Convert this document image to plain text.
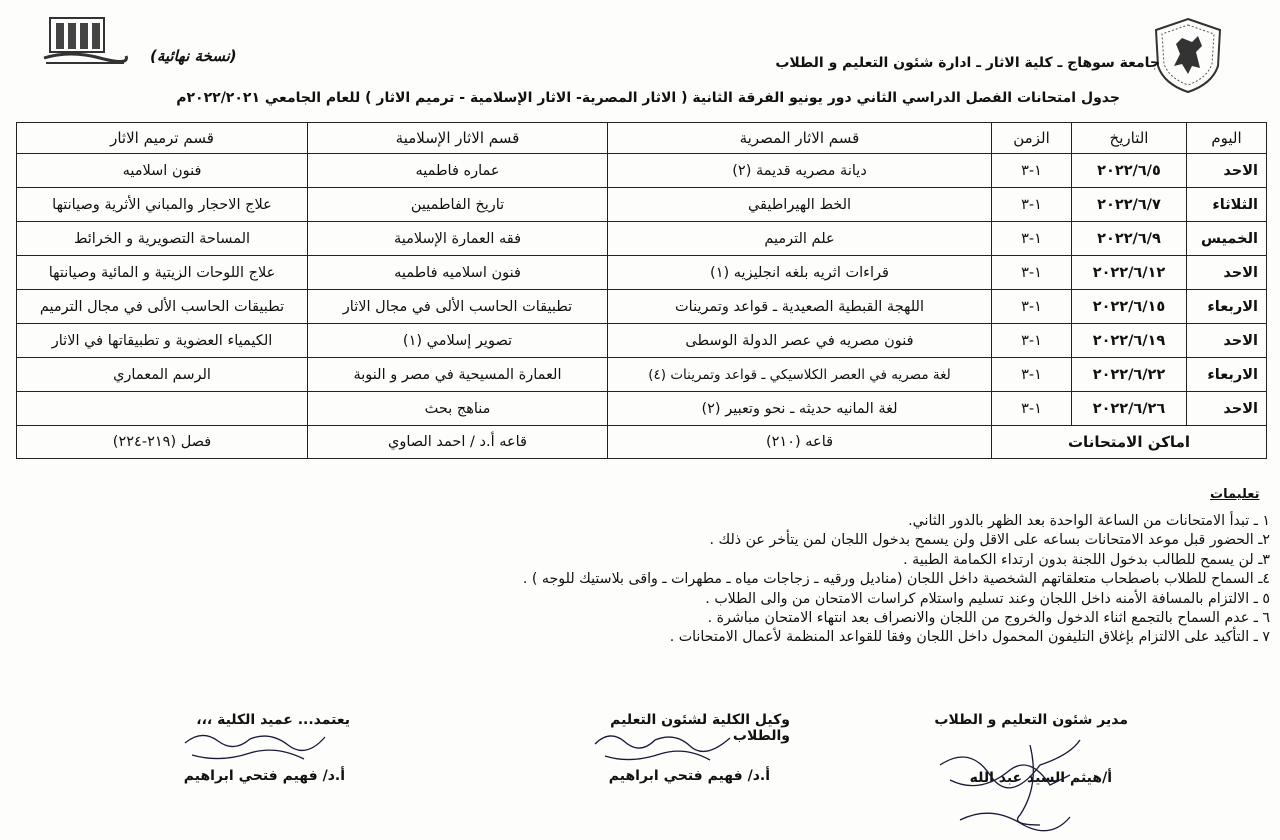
(نسخة نهائية)	جامعة سوهاج ـ كلية الاثار ـ ادارة شئون التعليم و الطلاب
جدول امتحانات الفصل الدراسي الثاني دور يونيو الفرقة الثانية ( الاثار المصرية- الاثار الإسلامية - ترميم الاثار ) للعام الجامعي ٢٠٢٢/٢٠٢١م
اليوم	التاريخ	الزمن	قسم الاثار المصرية	قسم الاثار الإسلامية	قسم ترميم الاثار
الاحد	٢٠٢٢/٦/٥	١-٣	ديانة مصريه قديمة (٢)	عماره فاطميه	فنون اسلاميه
الثلاثاء	٢٠٢٢/٦/٧	١-٣	الخط الهيراطيقي	تاريخ الفاطميين	علاج الاحجار والمباني الأثرية وصيانتها
الخميس	٢٠٢٢/٦/٩	١-٣	علم الترميم	فقه العمارة الإسلامية	المساحة التصويرية و الخرائط
الاحد	٢٠٢٢/٦/١٢	١-٣	قراءات اثريه بلغه انجليزيه (١)	فنون اسلاميه فاطميه	علاج اللوحات الزيتية و المائية وصيانتها
الاربعاء	٢٠٢٢/٦/١٥	١-٣	اللهجة القبطية الصعيدية ـ قواعد وتمرينات	تطبيقات الحاسب الألى في مجال الاثار	تطبيقات الحاسب الألى في مجال الترميم
الاحد	٢٠٢٢/٦/١٩	١-٣	فنون مصريه في عصر الدولة الوسطى	تصوير إسلامي (١)	الكيمياء العضوية و تطبيقاتها في الاثار
الاربعاء	٢٠٢٢/٦/٢٢	١-٣	لغة مصريه في العصر الكلاسيكي ـ قواعد وتمرينات (٤)	العمارة المسيحية في مصر و النوبة	الرسم المعماري
الاحد	٢٠٢٢/٦/٢٦	١-٣	لغة المانيه حديثه ـ نحو وتعبير (٢)	مناهج بحث	
اماكن الامتحانات			قاعه (٢١٠)	قاعه أ.د / احمد الصاوي	فصل (٢١٩-٢٢٤)
تعليمات
١ ـ تبدأ الامتحانات من الساعة الواحدة بعد الظهر بالدور الثاني.
٢ـ الحضور قبل موعد الامتحانات بساعه على الاقل ولن يسمح بدخول اللجان لمن يتأخر عن ذلك .
٣ـ لن يسمح للطالب بدخول اللجنة بدون ارتداء الكمامة الطبية .
٤ـ السماح للطلاب باصطحاب متعلقاتهم الشخصية داخل اللجان (مناديل ورقيه ـ زجاجات مياه ـ مطهرات ـ واقى بلاستيك للوجه ) .
٥ ـ الالتزام بالمسافة الأمنه داخل اللجان وعند تسليم واستلام كراسات الامتحان من والى الطلاب .
٦ ـ عدم السماح بالتجمع اثناء الدخول والخروج من اللجان والانصراف بعد انتهاء الامتحان مباشرة .
٧ ـ التأكيد على الالتزام بإغلاق التليفون المحمول داخل اللجان وفقا للقواعد المنظمة لأعمال الامتحانات .
مدير شئون التعليم و الطلاب
أ/هيثم السيد عبد الله
وكيل الكلية لشئون التعليم والطلاب
أ.د/ فهيم فتحي ابراهيم
يعتمد... عميد الكلية ،،،
أ.د/ فهيم فتحي ابراهيم
